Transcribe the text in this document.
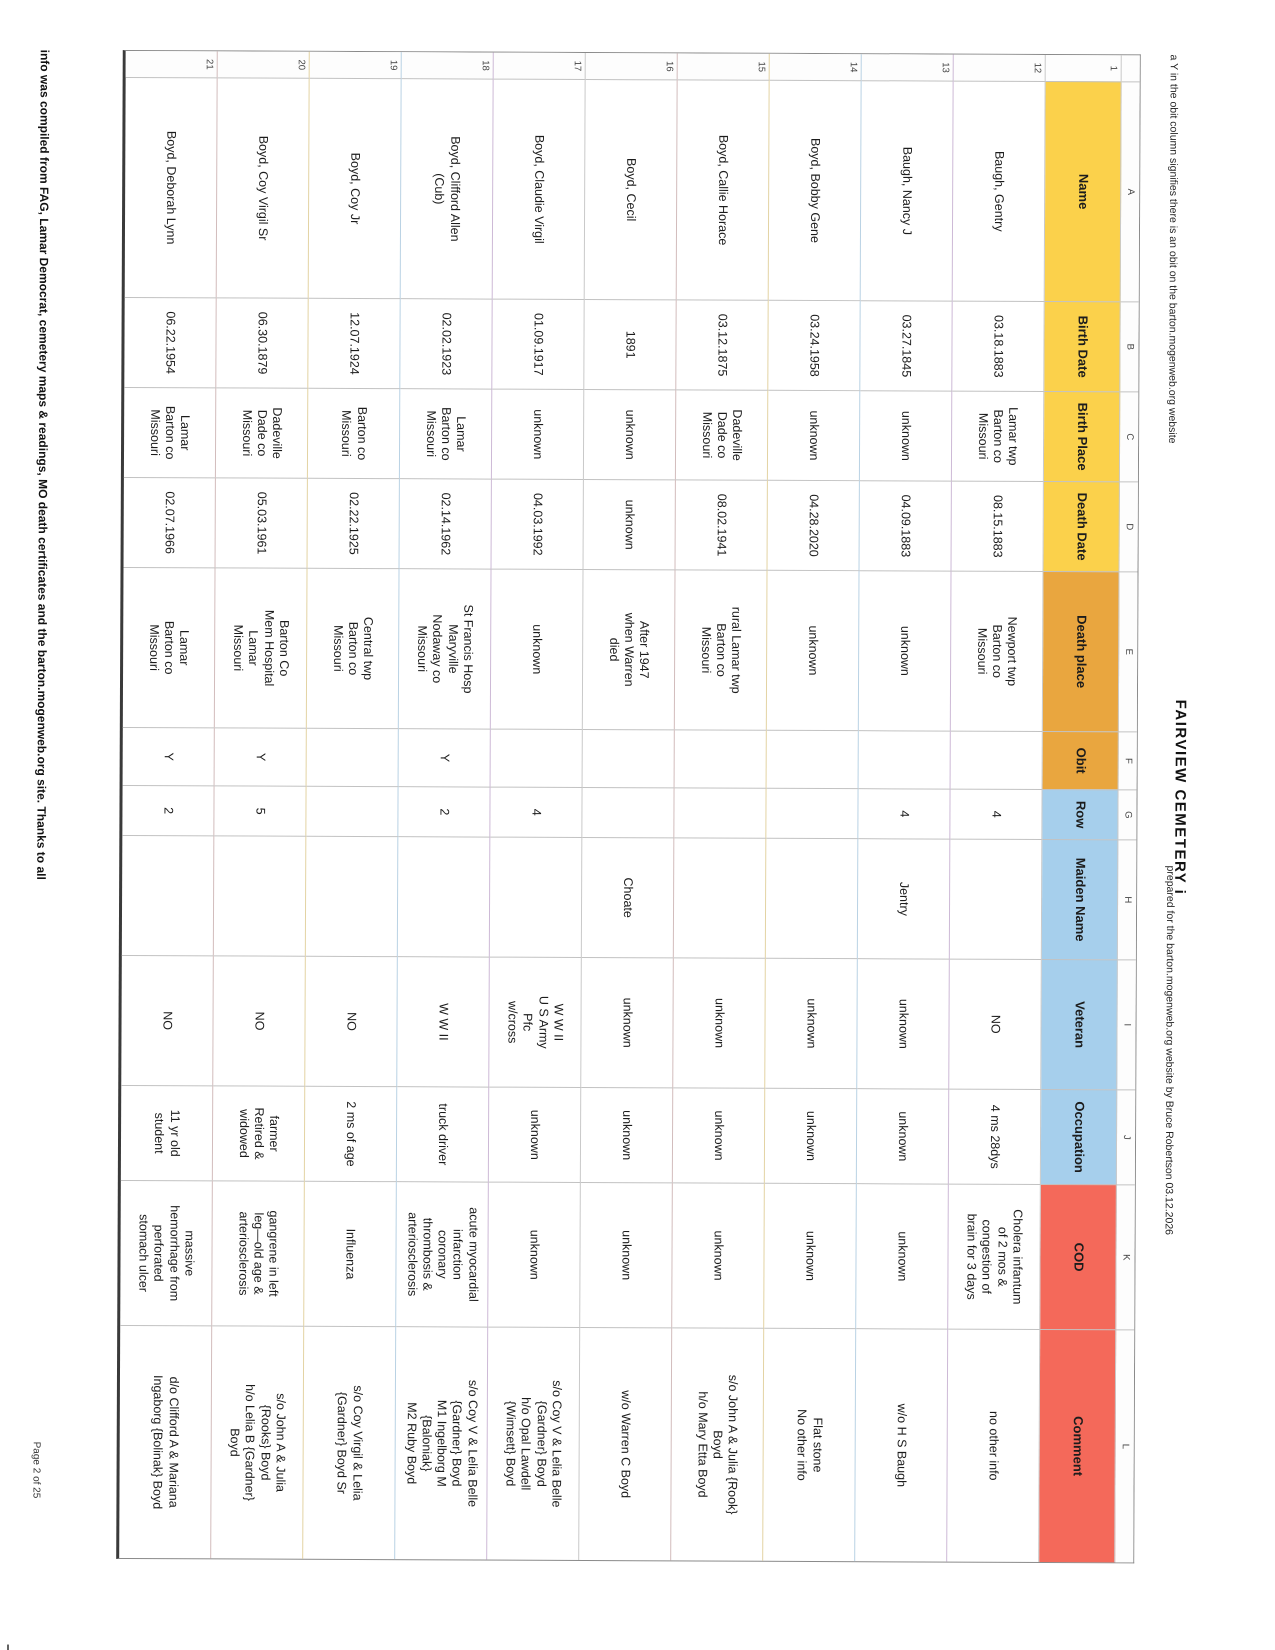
a Y in the obit column signifies there is an obit on the barton.mogenweb.org website
FAIRVIEW CEMETERY i
prepared for the barton.mogenweb.org website by Bruce Robertson 03.12.2026
A
B
C
D
E
F
G
H
I
J
K
L
1
Name
Birth Date
Birth Place
Death Date
Death place
Obit
Row
Maiden Name
Veteran
Occupation
COD
Comment
12
Baugh, Gentry
03.18.1883
Lamar twp
Barton co
Missouri
08.15.1883
Newport twp
Barton co
Missouri
4
NO
4 ms 28dys
Cholera infantum
of 2 mos &
congestion of
brain for 3 days
no other info
13
Baugh, Nancy J
03.27.1845
unknown
04.09.1883
unknown
4
Jentry
unknown
unknown
unknown
w/o H S Baugh
14
Boyd, Bobby Gene
03.24.1958
unknown
04.28.2020
unknown
unknown
unknown
unknown
Flat stone
No other info
15
Boyd, Callie Horace
03.12.1875
Dadeville
Dade co
Missouri
08.02.1941
rural Lamar twp
Barton co
Missouri
unknown
unknown
unknown
s/o John A & Julia {Rook}
Boyd
h/o Mary Etta Boyd
16
Boyd, Cecil
1891
unknown
unknown
After 1947
when Warren
died
Choate
unknown
unknown
unknown
w/o Warren C Boyd
17
Boyd, Claudie Virgil
01.09.1917
unknown
04.03.1992
unknown
4
W W II
U S Army
Pfc
w/cross
unknown
unknown
s/o Coy V & Lelia Belle
{Gardner} Boyd
h/o Opal Lawdell
{Wimsett} Boyd
18
Boyd, Clifford Allen
(Cub)
02.02.1923
Lamar
Barton co
Missouri
02.14.1962
St Francis Hosp
Maryville
Nodaway co
Missouri
Y
2
W W II
truck driver
acute myocardial
infarction
coronary
thrombosis &
arteriosclerosis
s/o Coy V & Lelia Belle
{Gardner} Boyd
M1 Ingelborg M
{Baloniak}
M2 Ruby Boyd
19
Boyd, Coy Jr
12.07.1924
Barton co
Missouri
02.22.1925
Central twp
Barton co
Missouri
NO
2 ms of age
Influenza
s/o Coy Virgil & Lelia
{Gardner} Boyd Sr
20
Boyd, Coy Virgil Sr
06.30.1879
Dadeville
Dade co
Missouri
05.03.1961
Barton Co
Mem Hospital
Lamar
Missouri
Y
5
NO
farmer
Retired &
widowed
gangrene in left
leg—old age &
arteriosclerosis
s/o John A & Julia
{Rooks} Boyd
h/o Lelia B {Gardner}
Boyd
21
Boyd, Deborah Lynn
06.22.1954
Lamar
Barton co
Missouri
02.07.1966
Lamar
Barton co
Missouri
Y
2
NO
11 yr old
student
massive
hemorrhage from
perforated
stomach ulcer
d/o Clifford A & Mariana
Ingaborg {Bolinak} Boyd
info was compiled from FAG, Lamar Democrat, cemetery maps & readings, MO death certificates and the barton.mogenweb.org site. Thanks to all
Page 2 of 25
